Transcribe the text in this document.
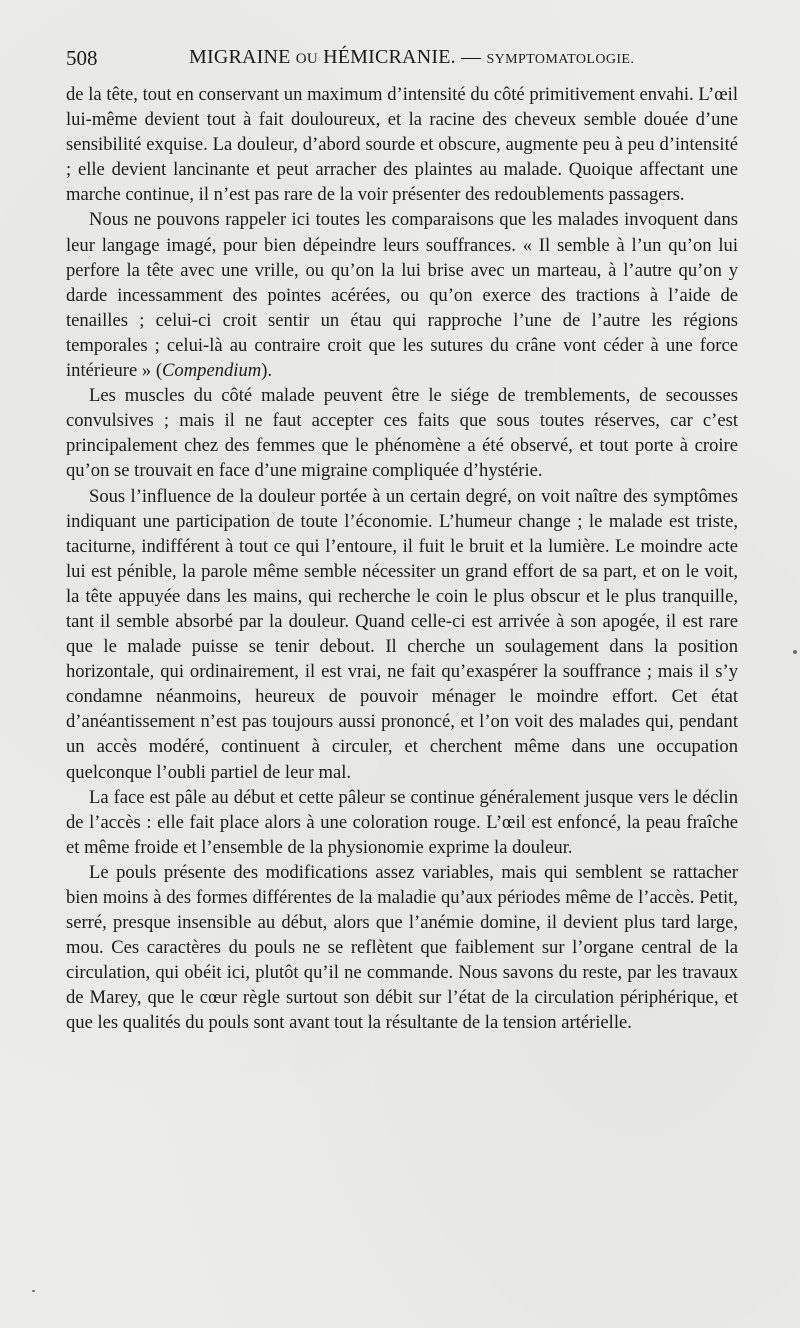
508	MIGRAINE OU HÉMICRANIE. — SYMPTOMATOLOGIE.

de la tête, tout en conservant un maximum d’intensité du côté primitivement envahi. L’œil lui-même devient tout à fait douloureux, et la racine des cheveux semble douée d’une sensibilité exquise. La douleur, d’abord sourde et obscure, augmente peu à peu d’intensité ; elle devient lancinante et peut arracher des plaintes au malade. Quoique affectant une marche continue, il n’est pas rare de la voir présenter des redoublements passagers.

Nous ne pouvons rappeler ici toutes les comparaisons que les malades invoquent dans leur langage imagé, pour bien dépeindre leurs souffrances. « Il semble à l’un qu’on lui perfore la tête avec une vrille, ou qu’on la lui brise avec un marteau, à l’autre qu’on y darde incessamment des pointes acérées, ou qu’on exerce des tractions à l’aide de tenailles ; celui-ci croit sentir un étau qui rapproche l’une de l’autre les régions temporales ; celui-là au contraire croit que les sutures du crâne vont céder à une force intérieure » (Compendium).

Les muscles du côté malade peuvent être le siége de tremblements, de secousses convulsives ; mais il ne faut accepter ces faits que sous toutes réserves, car c’est principalement chez des femmes que le phénomène a été observé, et tout porte à croire qu’on se trouvait en face d’une migraine compliquée d’hystérie.

Sous l’influence de la douleur portée à un certain degré, on voit naître des symptômes indiquant une participation de toute l’économie. L’humeur change ; le malade est triste, taciturne, indifférent à tout ce qui l’entoure, il fuit le bruit et la lumière. Le moindre acte lui est pénible, la parole même semble nécessiter un grand effort de sa part, et on le voit, la tête appuyée dans les mains, qui recherche le coin le plus obscur et le plus tranquille, tant il semble absorbé par la douleur. Quand celle-ci est arrivée à son apogée, il est rare que le malade puisse se tenir debout. Il cherche un soulagement dans la position horizontale, qui ordinairement, il est vrai, ne fait qu’exaspérer la souffrance ; mais il s’y condamne néanmoins, heureux de pouvoir ménager le moindre effort. Cet état d’anéantissement n’est pas toujours aussi prononcé, et l’on voit des malades qui, pendant un accès modéré, continuent à circuler, et cherchent même dans une occupation quelconque l’oubli partiel de leur mal.

La face est pâle au début et cette pâleur se continue généralement jusque vers le déclin de l’accès : elle fait place alors à une coloration rouge. L’œil est enfoncé, la peau fraîche et même froide et l’ensemble de la physionomie exprime la douleur.

Le pouls présente des modifications assez variables, mais qui semblent se rattacher bien moins à des formes différentes de la maladie qu’aux périodes même de l’accès. Petit, serré, presque insensible au début, alors que l’anémie domine, il devient plus tard large, mou. Ces caractères du pouls ne se reflètent que faiblement sur l’organe central de la circulation, qui obéit ici, plutôt qu’il ne commande. Nous savons du reste, par les travaux de Marey, que le cœur règle surtout son débit sur l’état de la circulation périphérique, et que les qualités du pouls sont avant tout la résultante de la tension artérielle.
